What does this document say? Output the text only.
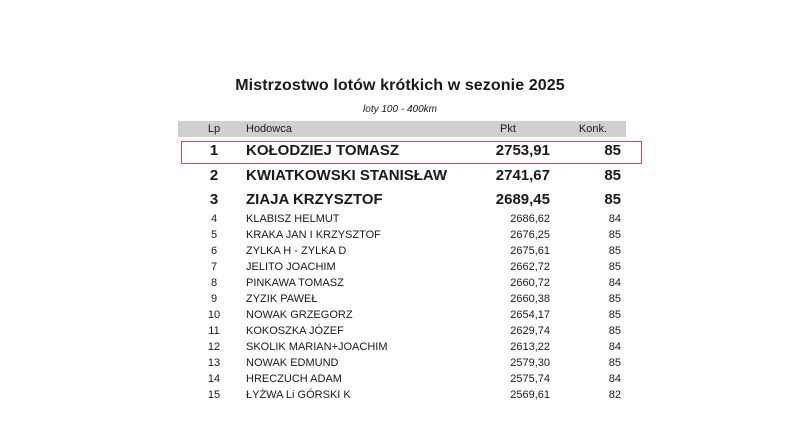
Mistrzostwo lotów krótkich w sezonie 2025
loty 100 - 400km
Lp	Hodowca	Pkt	Konk.
1	KOŁODZIEJ TOMASZ	2753,91	85
2	KWIATKOWSKI STANISŁAW	2741,67	85
3	ZIAJA KRZYSZTOF	2689,45	85
4	KLABISZ HELMUT	2686,62	84
5	KRAKA JAN I KRZYSZTOF	2676,25	85
6	ZYLKA H - ZYLKA D	2675,61	85
7	JELITO JOACHIM	2662,72	85
8	PINKAWA TOMASZ	2660,72	84
9	ZYZIK PAWEŁ	2660,38	85
10	NOWAK GRZEGORZ	2654,17	85
11	KOKOSZKA JÓZEF	2629,74	85
12	SKOLIK MARIAN+JOACHIM	2613,22	84
13	NOWAK EDMUND	2579,30	85
14	HRECZUCH ADAM	2575,74	84
15	ŁYŻWA Li GÓRSKI K	2569,61	82
